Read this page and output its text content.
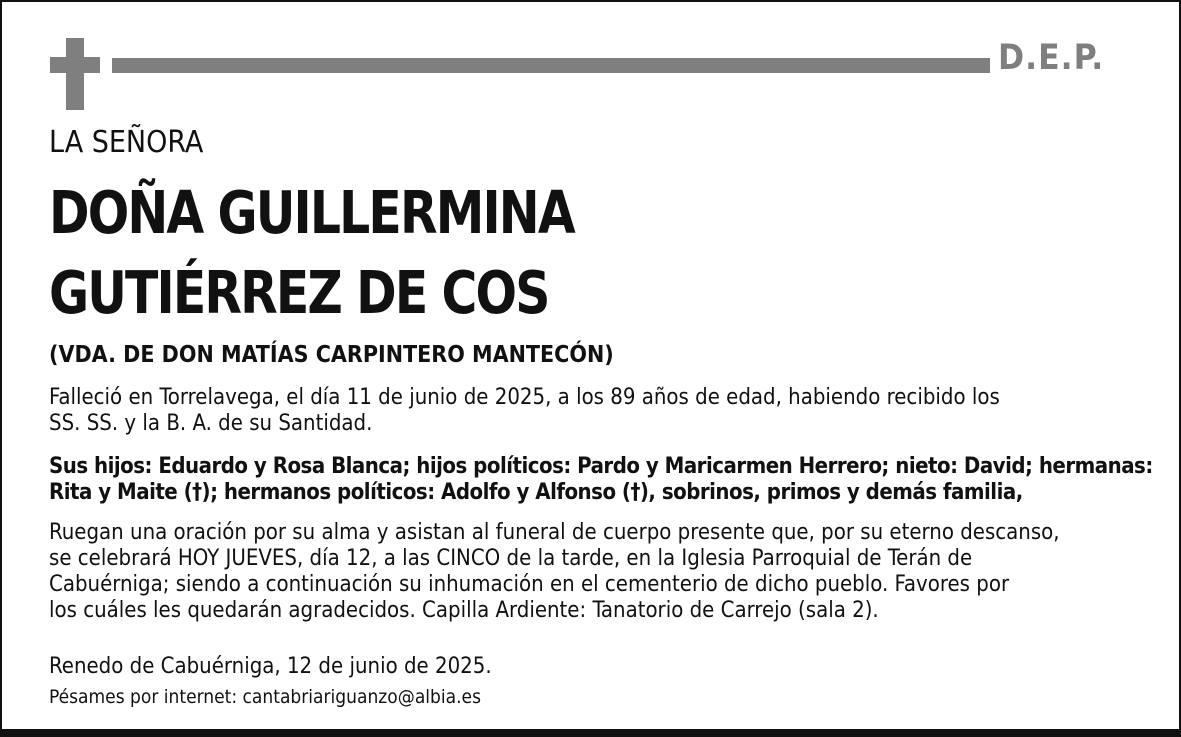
D.E.P.

LA SEÑORA

DOÑA GUILLERMINA

GUTIÉRREZ DE COS

(VDA. DE DON MATÍAS CARPINTERO MANTECÓN)

Falleció en Torrelavega, el día 11 de junio de 2025, a los 89 años de edad, habiendo recibido los
SS. SS. y la B. A. de su Santidad.
Sus hijos: Eduardo y Rosa Blanca; hijos políticos: Pardo y Maricarmen Herrero; nieto: David; hermanas:
Rita y Maite (†); hermanos políticos: Adolfo y Alfonso (†), sobrinos, primos y demás familia,
Ruegan una oración por su alma y asistan al funeral de cuerpo presente que, por su eterno descanso,
se celebrará HOY JUEVES, día 12, a las CINCO de la tarde, en la Iglesia Parroquial de Terán de
Cabuérniga; siendo a continuación su inhumación en el cementerio de dicho pueblo. Favores por
los cuáles les quedarán agradecidos. Capilla Ardiente: Tanatorio de Carrejo (sala 2).

Renedo de Cabuérniga, 12 de junio de 2025.

Pésames por internet: cantabriariguanzo@albia.es
